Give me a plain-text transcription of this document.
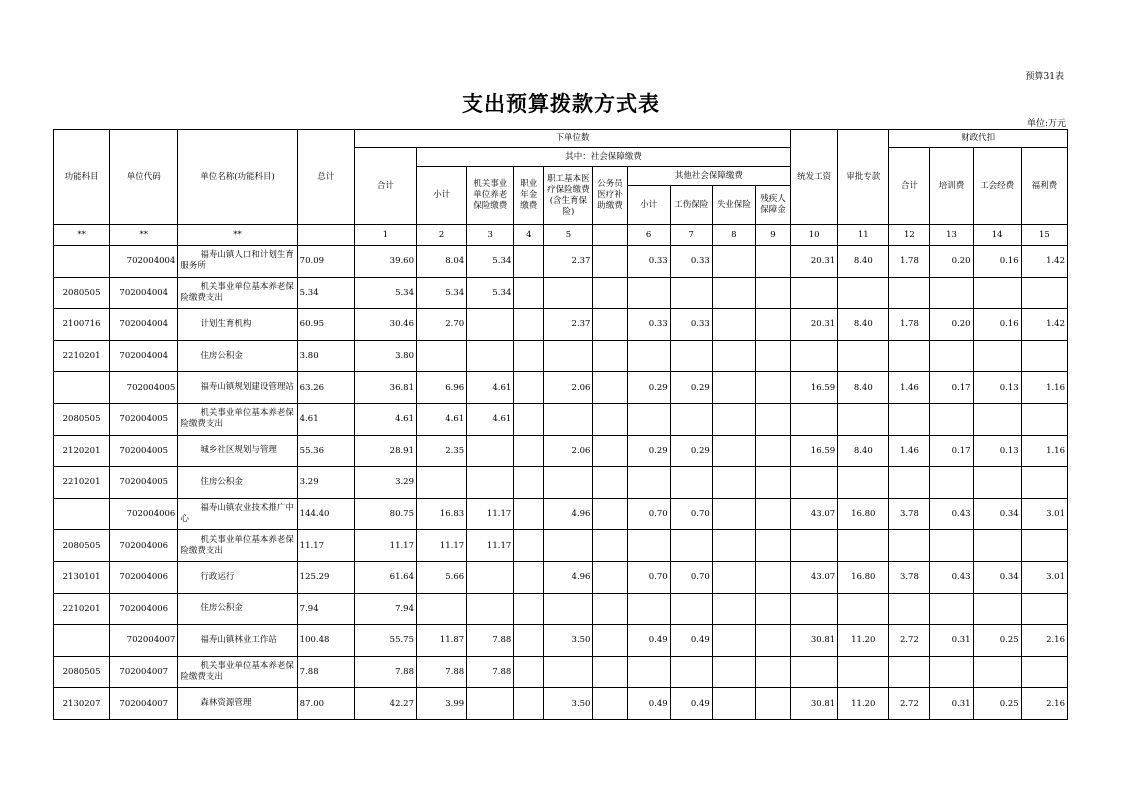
预算31表
支出预算拨款方式表
单位:万元
功能科目	单位代码	单位名称(功能科目)	总计	下单位数										统发工资	审批专款	财政代扣			
				合计	其中：社会保障缴费											合计	培训费	工会经费	福利费
					小计	机关事业单位养老保险缴费	职业年金缴费	职工基本医疗保险缴费(含生育保险)	公务员医疗补助缴费	其他社会保障缴费									
										小计	工伤保险	失业保险	残疾人保障金						
**	**	**		1	2	3	4	5		6	7	8	9	10	11	12	13	14	15
	702004004	福寿山镇人口和计划生育服务所	70.09	39.60	8.04	5.34		2.37		0.33	0.33			20.31	8.40	1.78	0.20	0.16	1.42
2080505	702004004	机关事业单位基本养老保险缴费支出	5.34	5.34	5.34	5.34													
2100716	702004004	计划生育机构	60.95	30.46	2.70			2.37		0.33	0.33			20.31	8.40	1.78	0.20	0.16	1.42
2210201	702004004	住房公积金	3.80	3.80															
	702004005	福寿山镇规划建设管理站	63.26	36.81	6.96	4.61		2.06		0.29	0.29			16.59	8.40	1.46	0.17	0.13	1.16
2080505	702004005	机关事业单位基本养老保险缴费支出	4.61	4.61	4.61	4.61													
2120201	702004005	城乡社区规划与管理	55.36	28.91	2.35			2.06		0.29	0.29			16.59	8.40	1.46	0.17	0.13	1.16
2210201	702004005	住房公积金	3.29	3.29															
	702004006	福寿山镇农业技术推广中心	144.40	80.75	16.83	11.17		4.96		0.70	0.70			43.07	16.80	3.78	0.43	0.34	3.01
2080505	702004006	机关事业单位基本养老保险缴费支出	11.17	11.17	11.17	11.17													
2130101	702004006	行政运行	125.29	61.64	5.66			4.96		0.70	0.70			43.07	16.80	3.78	0.43	0.34	3.01
2210201	702004006	住房公积金	7.94	7.94															
	702004007	福寿山镇林业工作站	100.48	55.75	11.87	7.88		3.50		0.49	0.49			30.81	11.20	2.72	0.31	0.25	2.16
2080505	702004007	机关事业单位基本养老保险缴费支出	7.88	7.88	7.88	7.88													
2130207	702004007	森林资源管理	87.00	42.27	3.99			3.50		0.49	0.49			30.81	11.20	2.72	0.31	0.25	2.16
